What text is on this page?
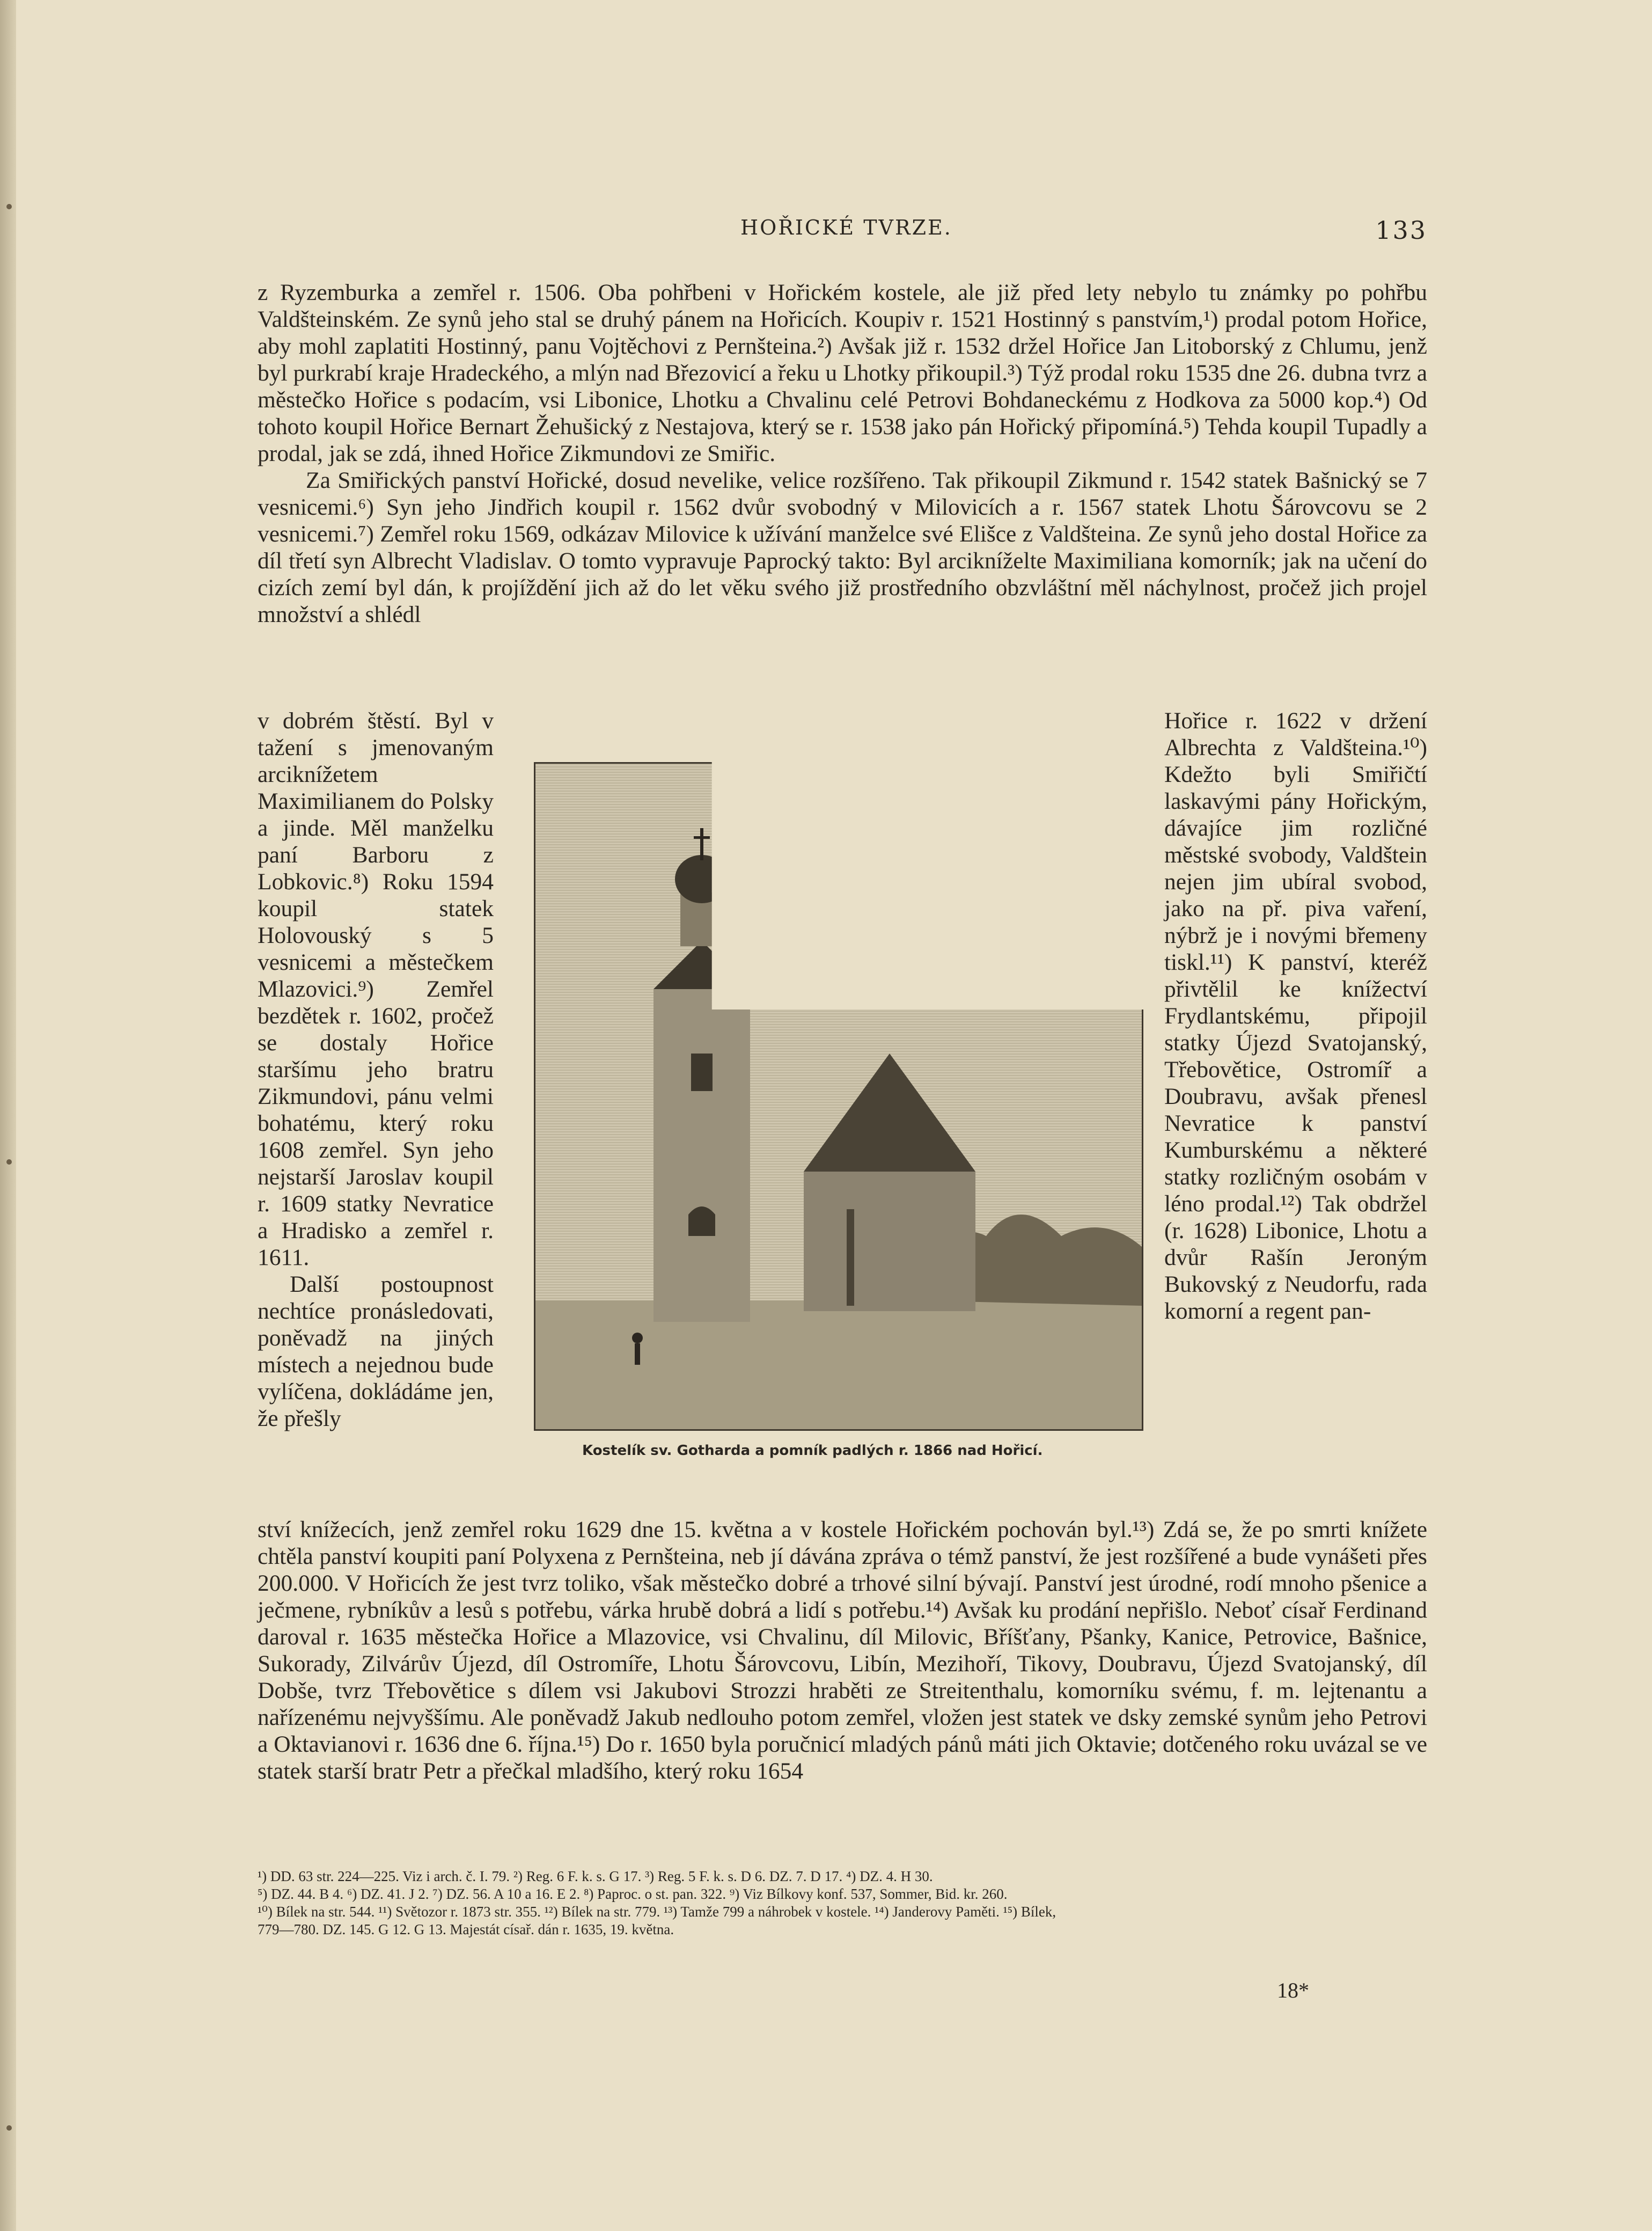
HOŘICKÉ TVRZE.	133

z Ryzemburka a zemřel r. 1506. Oba pohřbeni v Hořickém kostele, ale již před lety nebylo tu známky po pohřbu Valdšteinském. Ze synů jeho stal se druhý pánem na Hořicích. Koupiv r. 1521 Hostinný s panstvím,¹) prodal potom Hořice, aby mohl zaplatiti Hostinný, panu Vojtěchovi z Pernšteina.²) Avšak již r. 1532 držel Hořice Jan Litoborský z Chlumu, jenž byl purkrabí kraje Hradeckého, a mlýn nad Březovicí a řeku u Lhotky přikoupil.³) Týž prodal roku 1535 dne 26. dubna tvrz a městečko Hořice s podacím, vsi Libonice, Lhotku a Chvalinu celé Petrovi Bohdaneckému z Hodkova za 5000 kop.⁴) Od tohoto koupil Hořice Bernart Žehušický z Nestajova, který se r. 1538 jako pán Hořický připomíná.⁵) Tehda koupil Tupadly a prodal, jak se zdá, ihned Hořice Zikmundovi ze Smiřic.

Za Smiřických panství Hořické, dosud nevelike, velice rozšířeno. Tak přikoupil Zikmund r. 1542 statek Bašnický se 7 vesnicemi.⁶) Syn jeho Jindřich koupil r. 1562 dvůr svobodný v Milovicích a r. 1567 statek Lhotu Šárovcovu se 2 vesnicemi.⁷) Zemřel roku 1569, odkázav Milovice k užívání manželce své Elišce z Valdšteina. Ze synů jeho dostal Hořice za díl třetí syn Albrecht Vladislav. O tomto vypravuje Paprocký takto: Byl arcikníželte Maximiliana komorník; jak na učení do cizích zemí byl dán, k projíždění jich až do let věku svého již prostředního obzvláštní měl náchylnost, pročež jich projel množství a shlédl

v dobrém štěstí. Byl v tažení s jmenovaným arciknížetem Maximilianem do Polsky a jinde. Měl manželku paní Barboru z Lobkovic.⁸) Roku 1594 koupil statek Holovouský s 5 vesnicemi a městečkem Mlazovici.⁹) Zemřel bezdětek r. 1602, pročež se dostaly Hořice staršímu jeho bratru Zikmundovi, pánu velmi bohatému, který roku 1608 zemřel. Syn jeho nejstarší Jaroslav koupil r. 1609 statky Nevratice a Hradisko a zemřel r. 1611.

Další postoupnost nechtíce pronásledovati, poněvadž na jiných místech a nejednou bude vylíčena, dokládáme jen, že přešly

Hořice r. 1622 v držení Albrechta z Valdšteina.¹⁰) Kdežto byli Smiřičtí laskavými pány Hořickým, dávajíce jim rozličné městské svobody, Valdštein nejen jim ubíral svobod, jako na př. piva vaření, nýbrž je i novými břemeny tiskl.¹¹) K panství, kteréž přivtělil ke knížectví Frydlantskému, připojil statky Újezd Svatojanský, Třebověticе, Ostromíř a Doubravu, avšak přenesl Nevratice k panství Kumburskému a některé statky rozličným osobám v léno prodal.¹²) Tak obdržel (r. 1628) Libonice, Lhotu a dvůr Rašín Jeroným Bukovský z Neudorfu, rada komorní a regent pan-

Kostelík sv. Gotharda a pomník padlých r. 1866 nad Hořicí.

ství knížecích, jenž zemřel roku 1629 dne 15. května a v kostele Hořickém pochován byl.¹³) Zdá se, že po smrti knížete chtěla panství koupiti paní Polyxena z Pernšteina, neb jí dávána zpráva o témž panství, že jest rozšířené a bude vynášeti přes 200.000. V Hořicích že jest tvrz toliko, však městečko dobré a trhové silní bývají. Panství jest úrodné, rodí mnoho pšenice a ječmene, rybníkův a lesů s potřebu, várka hrubě dobrá a lidí s potřebu.¹⁴) Avšak ku prodání nepřišlo. Neboť císař Ferdinand daroval r. 1635 městečka Hořice a Mlazovice, vsi Chvalinu, díl Milovic, Bříšťany, Pšanky, Kanice, Petrovice, Bašnice, Sukorady, Zilvárův Újezd, díl Ostromíře, Lhotu Šárovcovu, Libín, Mezihoří, Tikovy, Doubravu, Újezd Svatojanský, díl Dobše, tvrz Třebovětice s dílem vsi Jakubovi Strozzi hraběti ze Streitenthalu, komorníku svému, f. m. lejtenantu a nařízenému nejvyššímu. Ale poněvadž Jakub nedlouho potom zemřel, vložen jest statek ve dsky zemské synům jeho Petrovi a Oktavianovi r. 1636 dne 6. října.¹⁵) Do r. 1650 byla poručnicí mladých pánů máti jich Oktavie; dotčeného roku uvázal se ve statek starší bratr Petr a přečkal mladšího, který roku 1654

¹) DD. 63 str. 224—225. Viz i arch. č. I. 79. ²) Reg. 6 F. k. s. G 17. ³) Reg. 5 F. k. s. D 6. DZ. 7. D 17. ⁴) DZ. 4. H 30.

⁵) DZ. 44. B 4. ⁶) DZ. 41. J 2. ⁷) DZ. 56. A 10 a 16. E 2. ⁸) Paproc. o st. pan. 322. ⁹) Viz Bílkovy konf. 537, Sommer, Bid. kr. 260.

¹⁰) Bílek na str. 544. ¹¹) Světozor r. 1873 str. 355. ¹²) Bílek na str. 779. ¹³) Tamže 799 a náhrobek v kostele. ¹⁴) Janderovy Paměti. ¹⁵) Bílek,

779—780. DZ. 145. G 12. G 13. Majestát císař. dán r. 1635, 19. května.

18*
